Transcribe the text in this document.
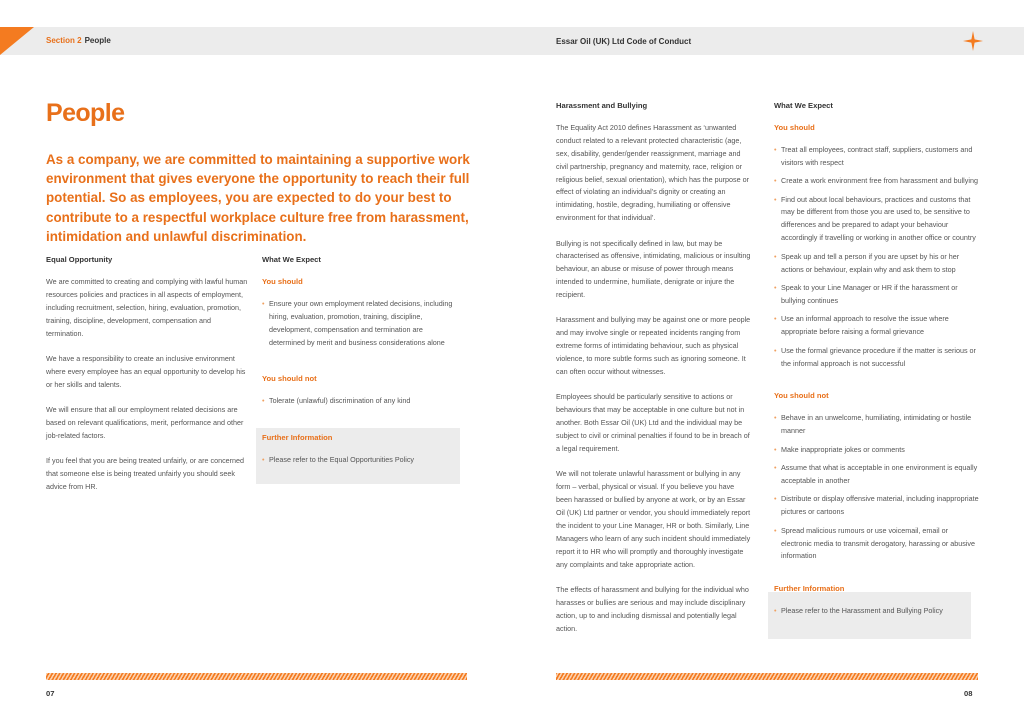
Section 2 People	Essar Oil (UK) Ltd Code of Conduct
People

As a company, we are committed to maintaining a supportive work environment that gives everyone the opportunity to reach their full potential. So as employees, you are expected to do your best to contribute to a respectful workplace culture free from harassment, intimidation and unlawful discrimination.

Equal Opportunity

We are committed to creating and complying with lawful human resources policies and practices in all aspects of employment, including recruitment, selection, hiring, evaluation, promotion, training, discipline, development, compensation and termination.

We have a responsibility to create an inclusive environment where every employee has an equal opportunity to develop his or her skills and talents.

We will ensure that all our employment related decisions are based on relevant qualifications, merit, performance and other job-related factors.

If you feel that you are being treated unfairly, or are concerned that someone else is being treated unfairly you should seek advice from HR.

What We Expect
You should
• Ensure your own employment related decisions, including hiring, evaluation, promotion, training, discipline, development, compensation and termination are determined by merit and business considerations alone
You should not
• Tolerate (unlawful) discrimination of any kind
Further Information
• Please refer to the Equal Opportunities Policy
Harassment and Bullying

The Equality Act 2010 defines Harassment as ‘unwanted conduct related to a relevant protected characteristic (age, sex, disability, gender/gender reassignment, marriage and civil partnership, pregnancy and maternity, race, religion or religious belief, sexual orientation), which has the purpose or effect of violating an individual’s dignity or creating an intimidating, hostile, degrading, humiliating or offensive environment for that individual’.

Bullying is not specifically defined in law, but may be characterised as offensive, intimidating, malicious or insulting behaviour, an abuse or misuse of power through means intended to undermine, humiliate, denigrate or injure the recipient.

Harassment and bullying may be against one or more people and may involve single or repeated incidents ranging from extreme forms of intimidating behaviour, such as physical violence, to more subtle forms such as ignoring someone. It can often occur without witnesses.

Employees should be particularly sensitive to actions or behaviours that may be acceptable in one culture but not in another. Both Essar Oil (UK) Ltd and the individual may be subject to civil or criminal penalties if found to be in breach of a legal requirement.

We will not tolerate unlawful harassment or bullying in any form – verbal, physical or visual. If you believe you have been harassed or bullied by anyone at work, or by an Essar Oil (UK) Ltd partner or vendor, you should immediately report the incident to your Line Manager, HR or both. Similarly, Line Managers who learn of any such incident should immediately report it to HR who will promptly and thoroughly investigate any complaints and take appropriate action.

The effects of harassment and bullying for the individual who harasses or bullies are serious and may include disciplinary action, up to and including dismissal and potentially legal action.

What We Expect
You should
• Treat all employees, contract staff, suppliers, customers and visitors with respect
• Create a work environment free from harassment and bullying
• Find out about local behaviours, practices and customs that may be different from those you are used to, be sensitive to differences and be prepared to adapt your behaviour accordingly if travelling or working in another office or country
• Speak up and tell a person if you are upset by his or her actions or behaviour, explain why and ask them to stop
• Speak to your Line Manager or HR if the harassment or bullying continues
• Use an informal approach to resolve the issue where appropriate before raising a formal grievance
• Use the formal grievance procedure if the matter is serious or the informal approach is not successful
You should not
• Behave in an unwelcome, humiliating, intimidating or hostile manner
• Make inappropriate jokes or comments
• Assume that what is acceptable in one environment is equally acceptable in another
• Distribute or display offensive material, including inappropriate pictures or cartoons
• Spread malicious rumours or use voicemail, email or electronic media to transmit derogatory, harassing or abusive information
Further Information
• Please refer to the Harassment and Bullying Policy
07	08
